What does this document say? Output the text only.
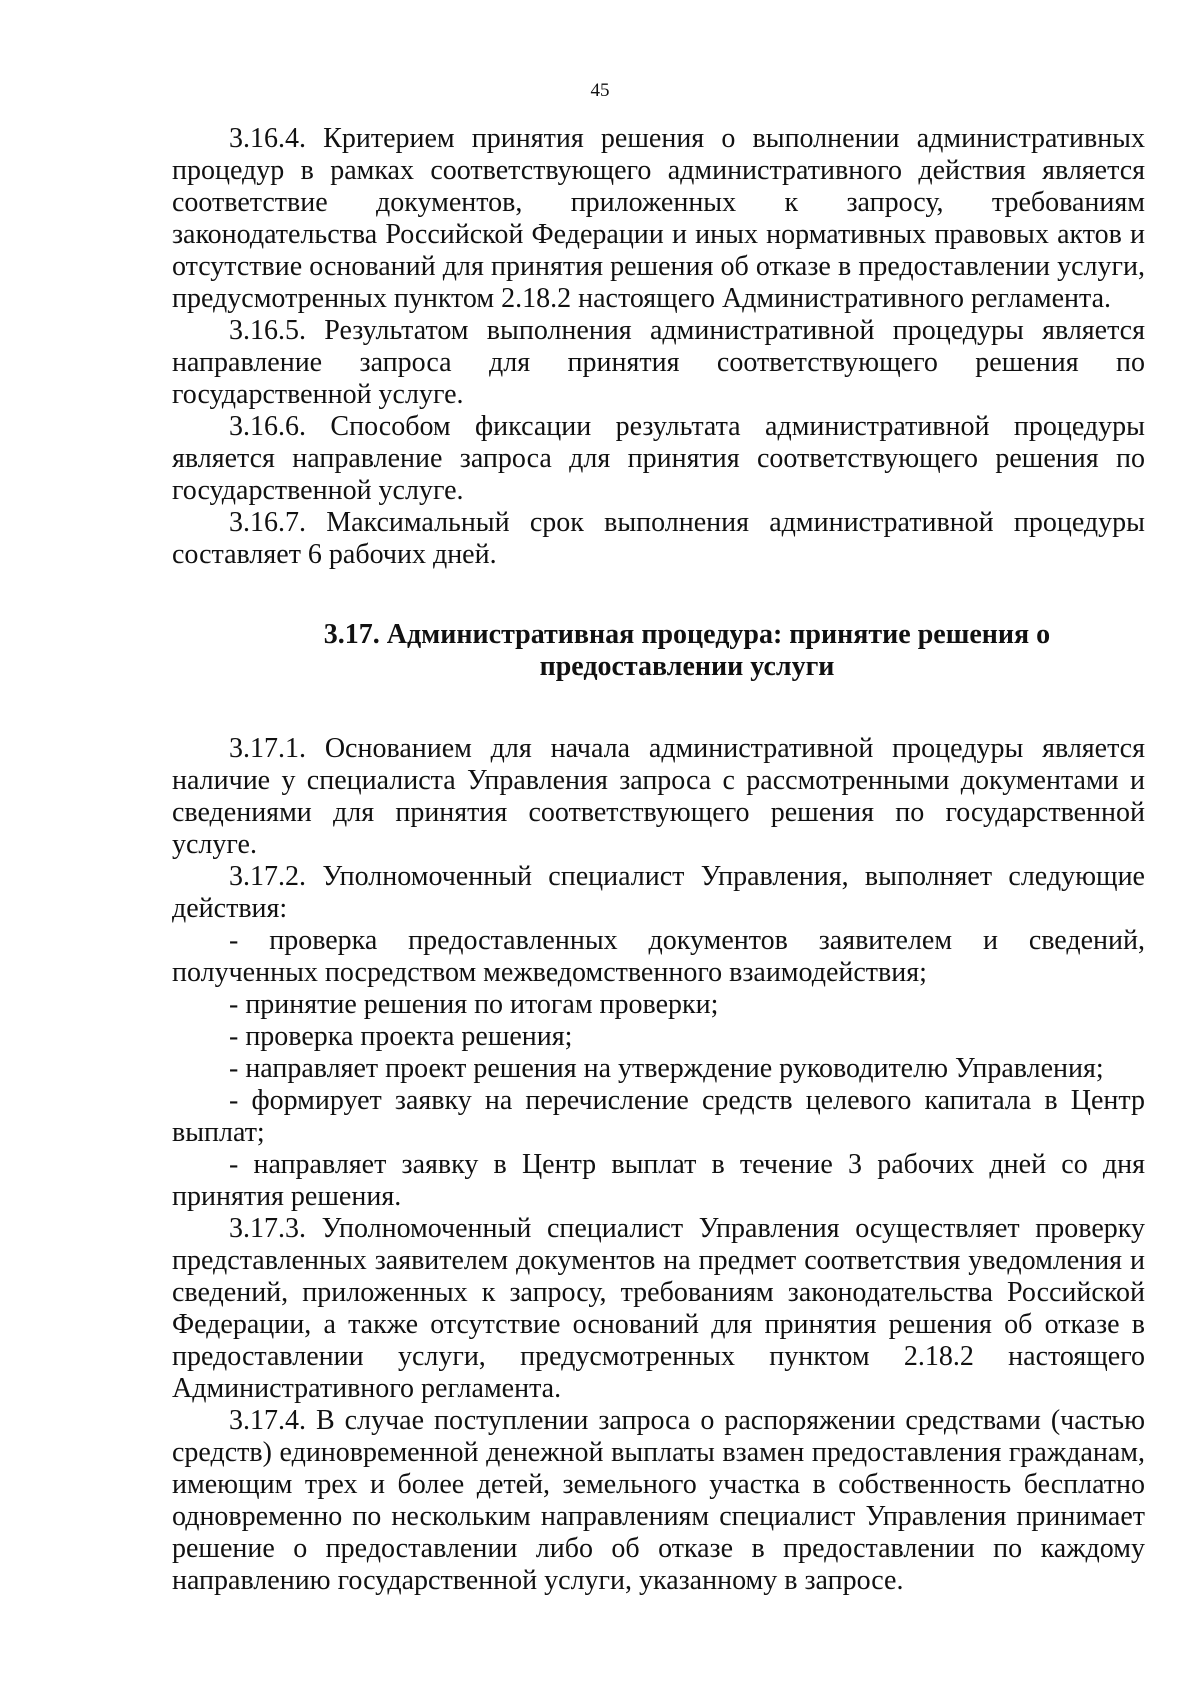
45

3.16.4. Критерием принятия решения о выполнении административных процедур в рамках соответствующего административного действия является соответствие документов, приложенных к запросу, требованиям законодательства Российской Федерации и иных нормативных правовых актов и отсутствие оснований для принятия решения об отказе в предоставлении услуги, предусмотренных пунктом 2.18.2 настоящего Административного регламента.

3.16.5. Результатом выполнения административной процедуры является направление запроса для принятия соответствующего решения по государственной услуге.

3.16.6. Способом фиксации результата административной процедуры является направление запроса для принятия соответствующего решения по государственной услуге.

3.16.7. Максимальный срок выполнения административной процедуры составляет 6 рабочих дней.

3.17. Административная процедура: принятие решения о
предоставлении услуги

3.17.1. Основанием для начала административной процедуры является наличие у специалиста Управления запроса с рассмотренными документами и сведениями для принятия соответствующего решения по государственной услуге.

3.17.2. Уполномоченный специалист Управления, выполняет следующие действия:

- проверка предоставленных документов заявителем и сведений, полученных посредством межведомственного взаимодействия;

- принятие решения по итогам проверки;

- проверка проекта решения;

- направляет проект решения на утверждение руководителю Управления;

- формирует заявку на перечисление средств целевого капитала в Центр выплат;

- направляет заявку в Центр выплат в течение 3 рабочих дней со дня принятия решения.

3.17.3. Уполномоченный специалист Управления осуществляет проверку представленных заявителем документов на предмет соответствия уведомления и сведений, приложенных к запросу, требованиям законодательства Российской Федерации, а также отсутствие оснований для принятия решения об отказе в предоставлении услуги, предусмотренных пунктом 2.18.2 настоящего Административного регламента.

3.17.4. В случае поступлении запроса о распоряжении средствами (частью средств) единовременной денежной выплаты взамен предоставления гражданам, имеющим трех и более детей, земельного участка в собственность бесплатно одновременно по нескольким направлениям специалист Управления принимает решение о предоставлении либо об отказе в предоставлении по каждому направлению государственной услуги, указанному в запросе.
